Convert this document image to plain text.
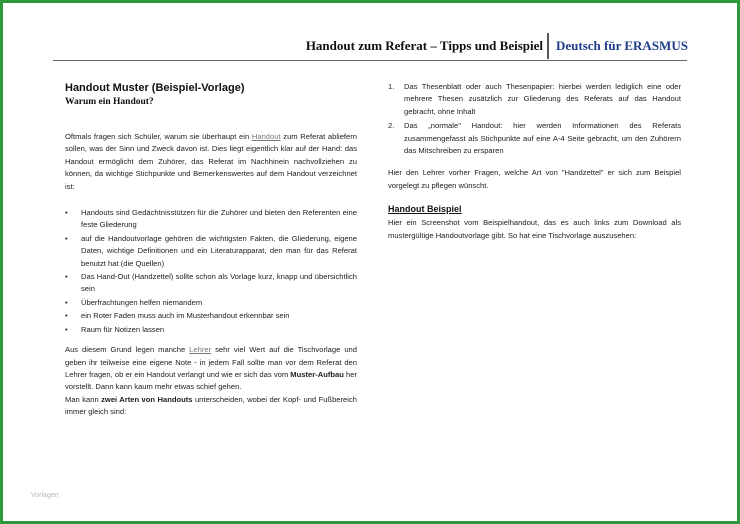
Handout zum Referat – Tipps und Beispiel Deutsch für ERASMUS

Handout Muster (Beispiel-Vorlage)

Warum ein Handout?

Oftmals fragen sich Schüler, warum sie überhaupt ein Handout zum Referat abliefern sollen, was der Sinn und Zweck davon ist. Dies liegt eigentlich klar auf der Hand: das Handout ermöglicht dem Zuhörer, das Referat im Nachhinein nachvollziehen zu können, da wichtige Stichpunkte und Bemerkenswertes auf dem Handout verzeichnet ist:

• Handouts sind Gedächtnisstützen für die Zuhörer und bieten den Referenten eine feste Gliederung
• auf die Handoutvorlage gehören die wichtigsten Fakten, die Gliederung, eigene Daten, wichtige Definitionen und ein Literaturapparat, den man für das Referat benutzt hat (die Quellen)
• Das Hand-Out (Handzettel) sollte schon als Vorlage kurz, knapp und übersichtlich sein
• Überfrachtungen helfen niemandem
• ein Roter Faden muss auch im Musterhandout erkennbar sein
• Raum für Notizen lassen

Aus diesem Grund legen manche Lehrer sehr viel Wert auf die Tischvorlage und geben ihr teilweise eine eigene Note - in jedem Fall sollte man vor dem Referat den Lehrer fragen, ob er ein Handout verlangt und wie er sich das vom Muster-Aufbau her vorstellt. Dann kann kaum mehr etwas schief gehen.

Man kann zwei Arten von Handouts unterscheiden, wobei der Kopf- und Fußbereich immer gleich sind:

1. Das Thesenblatt oder auch Thesenpapier: hierbei werden lediglich eine oder mehrere Thesen zusätzlich zur Gliederung des Referats auf das Handout gebracht, ohne Inhalt
2. Das „normale" Handout: hier werden Informationen des Referats zusammengefasst als Stichpunkte auf eine A-4 Seite gebracht, um den Zuhörern das Mitschreiben zu ersparen

Hier den Lehrer vorher Fragen, welche Art von "Handzettel" er sich zum Beispiel vorgelegt zu pflegen wünscht.

Handout Beispiel

Hier ein Screenshot vom Beispielhandout, das es auch links zum Download als mustergültige Handoutvorlage gibt. So hat eine Tischvorlage auszusehen:

Vorlagen
